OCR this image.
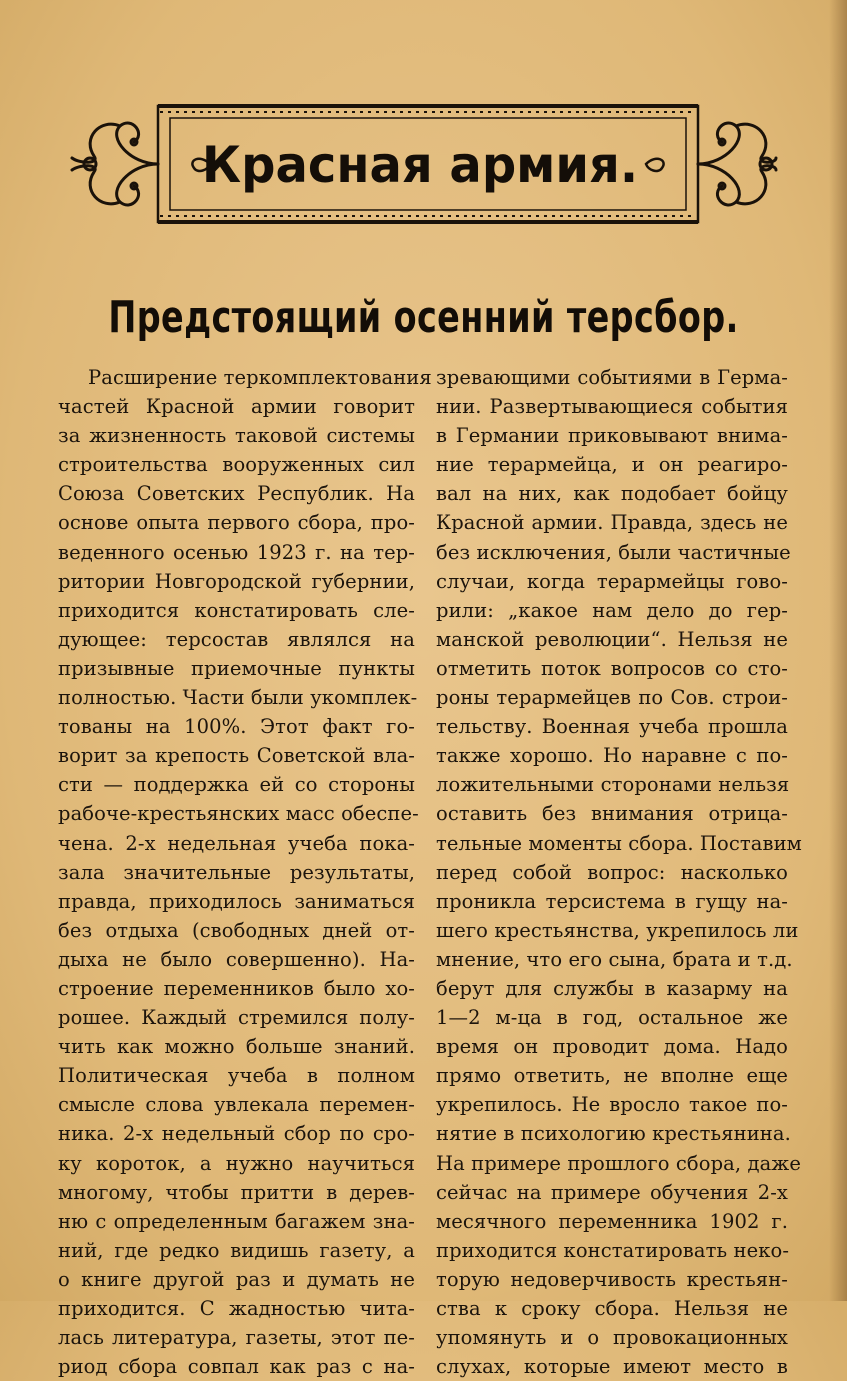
Красная армия.
Предстоящий осенний терсбор.
Расширение теркомплектования
частей Красной армии говорит
за жизненность таковой системы
строительства вооруженных сил
Союза Советских Республик. На
основе опыта первого сбора, про-
веденного осенью 1923 г. на тер-
ритории Новгородской губернии,
приходится констатировать сле-
дующее: терсостав являлся на
призывные приемочные пункты
полностью. Части были укомплек-
тованы на 100%. Этот факт го-
ворит за крепость Советской вла-
сти — поддержка ей со стороны
рабоче-крестьянских масс обеспе-
чена. 2-х недельная учеба пока-
зала значительные результаты,
правда, приходилось заниматься
без отдыха (свободных дней от-
дыха не было совершенно). На-
строение переменников было хо-
рошее. Каждый стремился полу-
чить как можно больше знаний.
Политическая учеба в полном
смысле слова увлекала перемен-
ника. 2-х недельный сбор по сро-
ку короток, а нужно научиться
многому, чтобы притти в дерев-
ню с определенным багажем зна-
ний, где редко видишь газету, а
о книге другой раз и думать не
приходится. С жадностью чита-
лась литература, газеты, этот пе-
риод сбора совпал как раз с на-
зревающими событиями в Герма-
нии. Развертывающиеся события
в Германии приковывают внима-
ние терармейца, и он реагиро-
вал на них, как подобает бойцу
Красной армии. Правда, здесь не
без исключения, были частичные
случаи, когда терармейцы гово-
рили: „какое нам дело до гер-
манской революции“. Нельзя не
отметить поток вопросов со сто-
роны терармейцев по Сов. строи-
тельству. Военная учеба прошла
также хорошо. Но наравне с по-
ложительными сторонами нельзя
оставить без внимания отрица-
тельные моменты сбора. Поставим
перед собой вопрос: насколько
проникла терсистема в гущу на-
шего крестьянства, укрепилось ли
мнение, что его сына, брата и т.д.
берут для службы в казарму на
1—2 м-ца в год, остальное же
время он проводит дома. Надо
прямо ответить, не вполне еще
укрепилось. Не вросло такое по-
нятие в психологию крестьянина.
На примере прошлого сбора, даже
сейчас на примере обучения 2-х
месячного переменника 1902 г.
приходится констатировать неко-
торую недоверчивость крестьян-
ства к сроку сбора. Нельзя не
упомянуть и о провокационных
слухах, которые имеют место в
